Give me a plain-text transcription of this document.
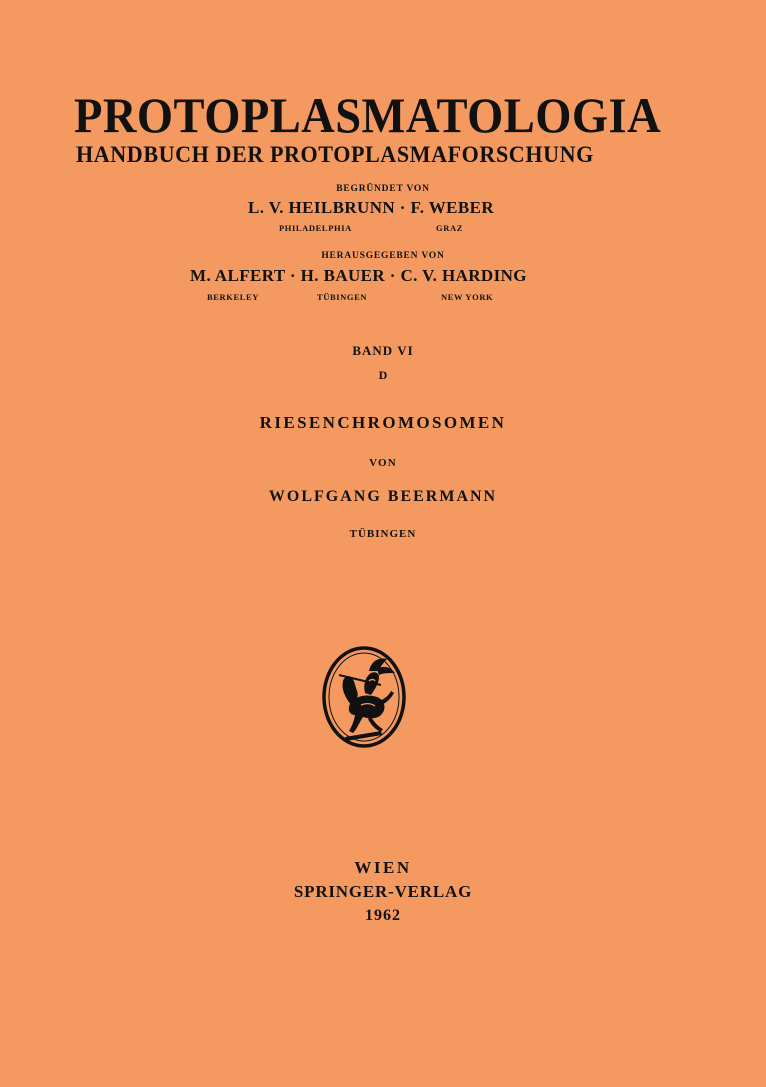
PROTOPLASMATOLOGIA
HANDBUCH DER PROTOPLASMAFORSCHUNG
BEGRÜNDET VON
L. V. HEILBRUNN · F. WEBER
PHILADELPHIA	GRAZ
HERAUSGEGEBEN VON
M. ALFERT · H. BAUER · C. V. HARDING
BERKELEY	TÜBINGEN	NEW YORK
BAND VI
D
RIESENCHROMOSOMEN
VON
WOLFGANG BEERMANN
TÜBINGEN
WIEN
SPRINGER-VERLAG
1962
